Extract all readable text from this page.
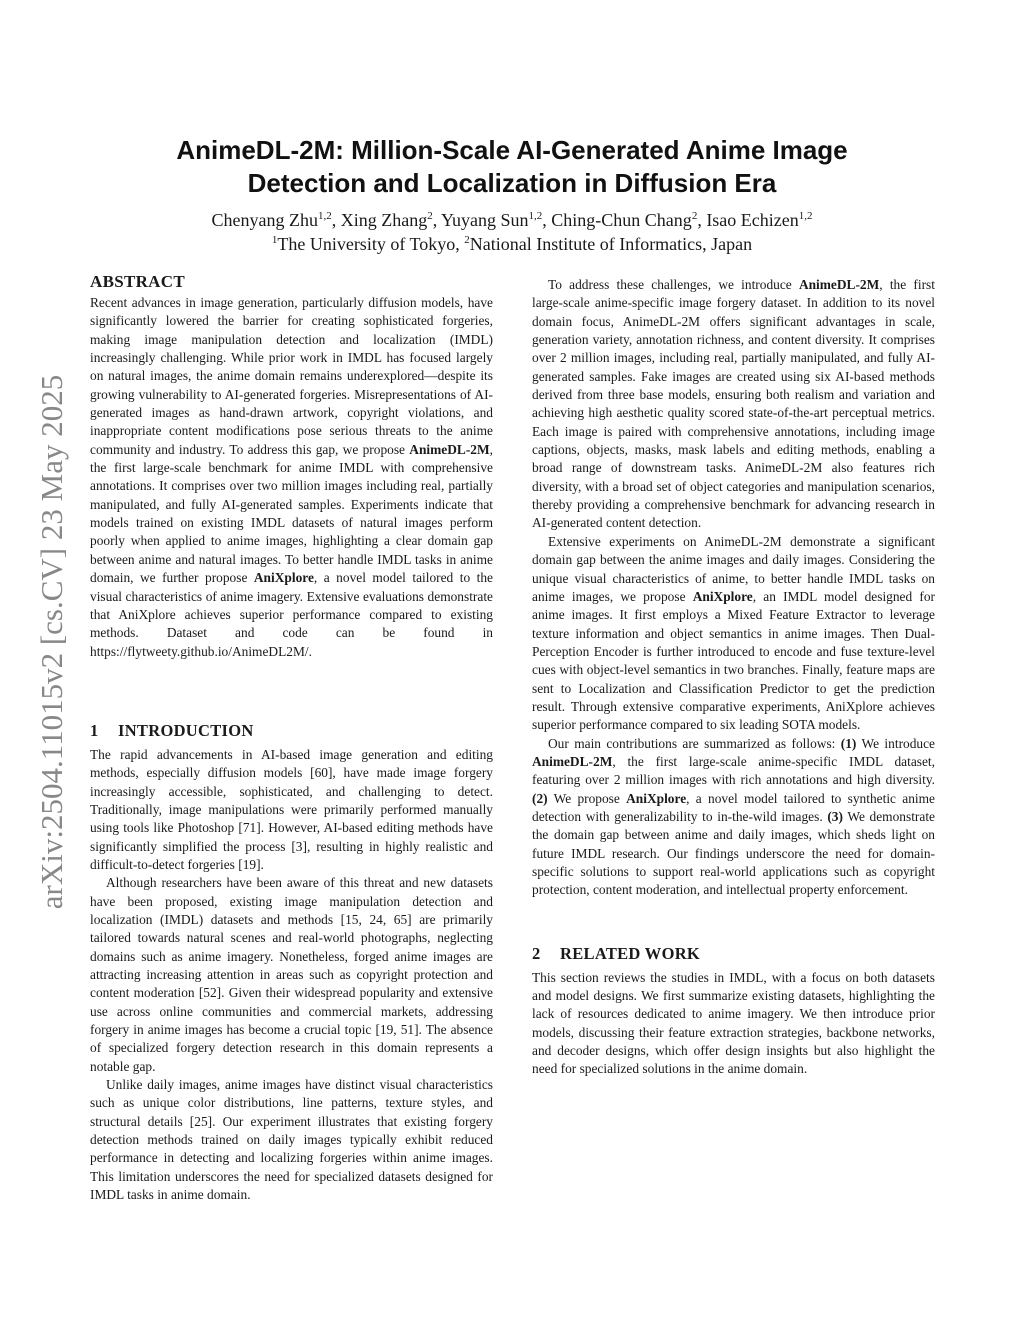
arXiv:2504.11015v2 [cs.CV] 23 May 2025
AnimeDL-2M: Million-Scale AI-Generated Anime Image
Detection and Localization in Diffusion Era
Chenyang Zhu$^{1,2}$, Xing Zhang$^2$, Yuyang Sun$^{1,2}$, Ching-Chun Chang$^2$, Isao Echizen$^{1,2}$
$^1$The University of Tokyo, $^2$National Institute of Informatics, Japan
ABSTRACT

Recent advances in image generation, particularly diffusion models, have significantly lowered the barrier for creating sophisticated forgeries, making image manipulation detection and localization (IMDL) increasingly challenging. While prior work in IMDL has focused largely on natural images, the anime domain remains underexplored—despite its growing vulnerability to AI-generated forgeries. Misrepresentations of AI-generated images as hand-drawn artwork, copyright violations, and inappropriate content modifications pose serious threats to the anime community and industry. To address this gap, we propose AnimeDL-2M, the first large-scale benchmark for anime IMDL with comprehensive annotations. It comprises over two million images including real, partially manipulated, and fully AI-generated samples. Experiments indicate that models trained on existing IMDL datasets of natural images perform poorly when applied to anime images, highlighting a clear domain gap between anime and natural images. To better handle IMDL tasks in anime domain, we further propose AniXplore, a novel model tailored to the visual characteristics of anime imagery. Extensive evaluations demonstrate that AniXplore achieves superior performance compared to existing methods. Dataset and code can be found in https://flytweety.github.io/AnimeDL2M/.

1 INTRODUCTION

The rapid advancements in AI-based image generation and editing methods, especially diffusion models [60], have made image forgery increasingly accessible, sophisticated, and challenging to detect. Traditionally, image manipulations were primarily performed manually using tools like Photoshop [71]. However, AI-based editing methods have significantly simplified the process [3], resulting in highly realistic and difficult-to-detect forgeries [19].

Although researchers have been aware of this threat and new datasets have been proposed, existing image manipulation detection and localization (IMDL) datasets and methods [15, 24, 65] are primarily tailored towards natural scenes and real-world photographs, neglecting domains such as anime imagery. Nonetheless, forged anime images are attracting increasing attention in areas such as copyright protection and content moderation [52]. Given their widespread popularity and extensive use across online communities and commercial markets, addressing forgery in anime images has become a crucial topic [19, 51]. The absence of specialized forgery detection research in this domain represents a notable gap.

Unlike daily images, anime images have distinct visual characteristics such as unique color distributions, line patterns, texture styles, and structural details [25]. Our experiment illustrates that existing forgery detection methods trained on daily images typically exhibit reduced performance in detecting and localizing forgeries within anime images. This limitation underscores the need for specialized datasets designed for IMDL tasks in anime domain.

To address these challenges, we introduce AnimeDL-2M, the first large-scale anime-specific image forgery dataset. In addition to its novel domain focus, AnimeDL-2M offers significant advantages in scale, generation variety, annotation richness, and content diversity. It comprises over 2 million images, including real, partially manipulated, and fully AI-generated samples. Fake images are created using six AI-based methods derived from three base models, ensuring both realism and variation and achieving high aesthetic quality scored state-of-the-art perceptual metrics. Each image is paired with comprehensive annotations, including image captions, objects, masks, mask labels and editing methods, enabling a broad range of downstream tasks. AnimeDL-2M also features rich diversity, with a broad set of object categories and manipulation scenarios, thereby providing a comprehensive benchmark for advancing research in AI-generated content detection.

Extensive experiments on AnimeDL-2M demonstrate a significant domain gap between the anime images and daily images. Considering the unique visual characteristics of anime, to better handle IMDL tasks on anime images, we propose AniXplore, an IMDL model designed for anime images. It first employs a Mixed Feature Extractor to leverage texture information and object semantics in anime images. Then Dual-Perception Encoder is further introduced to encode and fuse texture-level cues with object-level semantics in two branches. Finally, feature maps are sent to Localization and Classification Predictor to get the prediction result. Through extensive comparative experiments, AniXplore achieves superior performance compared to six leading SOTA models.

Our main contributions are summarized as follows: (1) We introduce AnimeDL-2M, the first large-scale anime-specific IMDL dataset, featuring over 2 million images with rich annotations and high diversity. (2) We propose AniXplore, a novel model tailored to synthetic anime detection with generalizability to in-the-wild images. (3) We demonstrate the domain gap between anime and daily images, which sheds light on future IMDL research. Our findings underscore the need for domain-specific solutions to support real-world applications such as copyright protection, content moderation, and intellectual property enforcement.

2 RELATED WORK

This section reviews the studies in IMDL, with a focus on both datasets and model designs. We first summarize existing datasets, highlighting the lack of resources dedicated to anime imagery. We then introduce prior models, discussing their feature extraction strategies, backbone networks, and decoder designs, which offer design insights but also highlight the need for specialized solutions in the anime domain.
